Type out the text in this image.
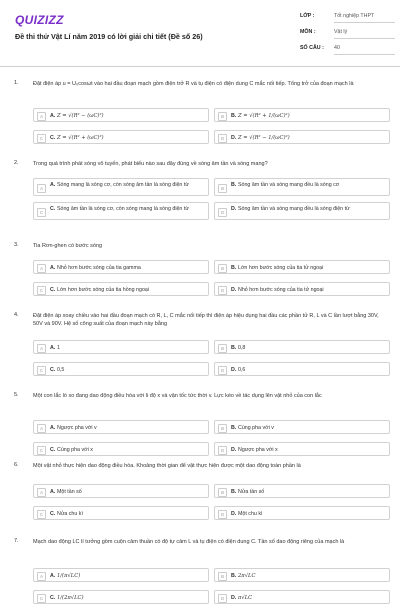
QUIZIZZ
Đề thi thử Vật Lí năm 2019 có lời giải chi tiết (Đề số 26)
LỚP :	Tốt nghiệp THPT
MÔN :	Vật lý
SỐ CÂU :	40
1.	Đặt điện áp u = U₀cosωt vào hai đầu đoạn mạch gồm điện trở R và tụ điện có điện dung C mắc nối tiếp. Tổng trở của đoạn mạch là
A	A. Z = √(R² − (ωC)²)	B	B. Z = √(R² + 1/(ωC)²)
C	C. Z = √(R² + (ωC)²)	D	D. Z = √(R² − 1/(ωC)²)
2.	Trong quá trình phát sóng vô tuyến, phát biểu nào sau đây đúng về sóng âm tần và sóng mang?
A
A. Sóng mang là sóng cơ, còn sóng âm tần là sóng điện từ
B
B. Sóng âm tần và sóng mang đều là sóng cơ
C
C. Sóng âm tần là sóng cơ, còn sóng mang là sóng điện từ
D
D. Sóng âm tần và sóng mang đều là sóng điện từ
3.	Tia Rơn-ghen có bước sóng
A	A. Nhỏ hơn bước sóng của tia gamma	B	B. Lớn hơn bước sóng của tia tử ngoại
C	C. Lớn hơn bước sóng của tia hồng ngoại	D	D. Nhỏ hơn bước sóng của tia tử ngoại
4.	Đặt điện áp xoay chiều vào hai đầu đoạn mạch có R, L, C mắc nối tiếp thì điện áp hiệu dụng hai đầu các phần tử R, L và C lần lượt bằng 30V, 50V và 90V. Hệ số công suất của đoạn mạch này bằng
A	A. 1	B	B. 0,8
C	C. 0,5	D	D. 0,6
5.	Một con lắc lò xo đang dao động điều hòa với li độ x và vận tốc tức thời v. Lực kéo về tác dụng lên vật nhỏ của con lắc
A	A. Ngược pha với v	B	B. Cùng pha với v
C	C. Cùng pha với x	D	D. Ngược pha với x
6.	Một vật nhỏ thực hiện dao động điều hòa. Khoảng thời gian để vật thực hiện được một dao động toàn phần là
A	A. Một tần số	B	B. Nửa tần số
C	C. Nửa chu kì	D	D. Một chu kì
7.	Mạch dao động LC lí tưởng gồm cuộn cảm thuần có độ tự cảm L và tụ điện có điện dung C. Tần số dao động riêng của mạch là
A	A. 1/(π√LC)	B	B. 2π√LC
C	C. 1/(2π√LC)	D	D. π√LC
